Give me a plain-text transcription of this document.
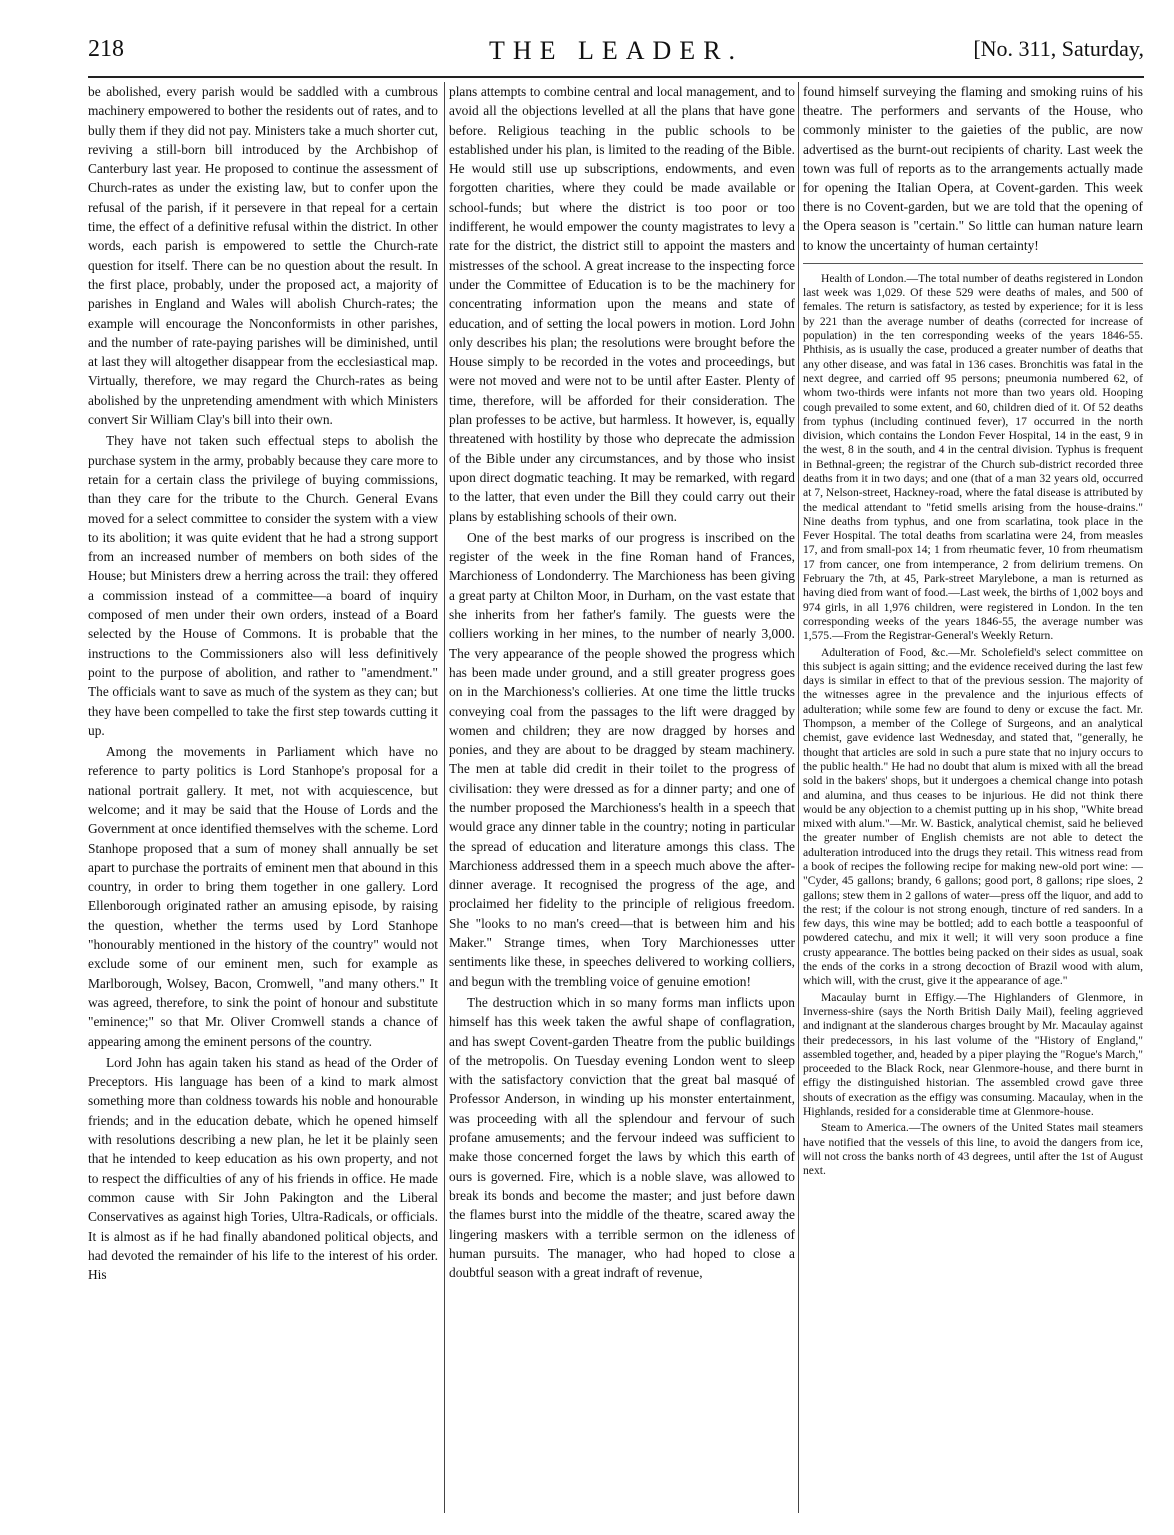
218	THE LEADER.	[No. 311, Saturday,

be abolished, every parish would be saddled with a cumbrous machinery empowered to bother the residents out of rates, and to bully them if they did not pay. Ministers take a much shorter cut, reviving a still-born bill introduced by the Archbishop of Canterbury last year. He proposed to continue the assessment of Church-rates as under the existing law, but to confer upon the refusal of the parish, if it persevere in that repeal for a certain time, the effect of a definitive refusal within the district. In other words, each parish is empowered to settle the Church-rate question for itself. There can be no question about the result. In the first place, probably, under the proposed act, a majority of parishes in England and Wales will abolish Church-rates; the example will encourage the Nonconformists in other parishes, and the number of rate-paying parishes will be diminished, until at last they will altogether disappear from the ecclesiastical map. Virtually, therefore, we may regard the Church-rates as being abolished by the unpretending amendment with which Ministers convert Sir William Clay's bill into their own.

They have not taken such effectual steps to abolish the purchase system in the army, probably because they care more to retain for a certain class the privilege of buying commissions, than they care for the tribute to the Church. General Evans moved for a select committee to consider the system with a view to its abolition; it was quite evident that he had a strong support from an increased number of members on both sides of the House; but Ministers drew a herring across the trail: they offered a commission instead of a committee—a board of inquiry composed of men under their own orders, instead of a Board selected by the House of Commons. It is probable that the instructions to the Commissioners also will less definitively point to the purpose of abolition, and rather to "amendment." The officials want to save as much of the system as they can; but they have been compelled to take the first step towards cutting it up.

Among the movements in Parliament which have no reference to party politics is Lord Stanhope's proposal for a national portrait gallery. It met, not with acquiescence, but welcome; and it may be said that the House of Lords and the Government at once identified themselves with the scheme. Lord Stanhope proposed that a sum of money shall annually be set apart to purchase the portraits of eminent men that abound in this country, in order to bring them together in one gallery. Lord Ellenborough originated rather an amusing episode, by raising the question, whether the terms used by Lord Stanhope "honourably mentioned in the history of the country" would not exclude some of our eminent men, such for example as Marlborough, Wolsey, Bacon, Cromwell, "and many others." It was agreed, therefore, to sink the point of honour and substitute "eminence;" so that Mr. Oliver Cromwell stands a chance of appearing among the eminent persons of the country.

Lord John has again taken his stand as head of the Order of Preceptors. His language has been of a kind to mark almost something more than coldness towards his noble and honourable friends; and in the education debate, which he opened himself with resolutions describing a new plan, he let it be plainly seen that he intended to keep education as his own property, and not to respect the difficulties of any of his friends in office. He made common cause with Sir John Pakington and the Liberal Conservatives as against high Tories, Ultra-Radicals, or officials. It is almost as if he had finally abandoned political objects, and had devoted the remainder of his life to the interest of his order. His

plans attempts to combine central and local management, and to avoid all the objections levelled at all the plans that have gone before. Religious teaching in the public schools to be established under his plan, is limited to the reading of the Bible. He would still use up subscriptions, endowments, and even forgotten charities, where they could be made available or school-funds; but where the district is too poor or too indifferent, he would empower the county magistrates to levy a rate for the district, the district still to appoint the masters and mistresses of the school. A great increase to the inspecting force under the Committee of Education is to be the machinery for concentrating information upon the means and state of education, and of setting the local powers in motion. Lord John only describes his plan; the resolutions were brought before the House simply to be recorded in the votes and proceedings, but were not moved and were not to be until after Easter. Plenty of time, therefore, will be afforded for their consideration. The plan professes to be active, but harmless. It however, is, equally threatened with hostility by those who deprecate the admission of the Bible under any circumstances, and by those who insist upon direct dogmatic teaching. It may be remarked, with regard to the latter, that even under the Bill they could carry out their plans by establishing schools of their own.

One of the best marks of our progress is inscribed on the register of the week in the fine Roman hand of Frances, Marchioness of Londonderry. The Marchioness has been giving a great party at Chilton Moor, in Durham, on the vast estate that she inherits from her father's family. The guests were the colliers working in her mines, to the number of nearly 3,000. The very appearance of the people showed the progress which has been made under ground, and a still greater progress goes on in the Marchioness's collieries. At one time the little trucks conveying coal from the passages to the lift were dragged by women and children; they are now dragged by horses and ponies, and they are about to be dragged by steam machinery. The men at table did credit in their toilet to the progress of civilisation: they were dressed as for a dinner party; and one of the number proposed the Marchioness's health in a speech that would grace any dinner table in the country; noting in particular the spread of education and literature amongs this class. The Marchioness addressed them in a speech much above the after-dinner average. It recognised the progress of the age, and proclaimed her fidelity to the principle of religious freedom. She "looks to no man's creed—that is between him and his Maker." Strange times, when Tory Marchionesses utter sentiments like these, in speeches delivered to working colliers, and begun with the trembling voice of genuine emotion!

The destruction which in so many forms man inflicts upon himself has this week taken the awful shape of conflagration, and has swept Covent-garden Theatre from the public buildings of the metropolis. On Tuesday evening London went to sleep with the satisfactory conviction that the great bal masqué of Professor Anderson, in winding up his monster entertainment, was proceeding with all the splendour and fervour of such profane amusements; and the fervour indeed was sufficient to make those concerned forget the laws by which this earth of ours is governed. Fire, which is a noble slave, was allowed to break its bonds and become the master; and just before dawn the flames burst into the middle of the theatre, scared away the lingering maskers with a terrible sermon on the idleness of human pursuits. The manager, who had hoped to close a doubtful season with a great indraft of revenue,

found himself surveying the flaming and smoking ruins of his theatre. The performers and servants of the House, who commonly minister to the gaieties of the public, are now advertised as the burnt-out recipients of charity. Last week the town was full of reports as to the arrangements actually made for opening the Italian Opera, at Covent-garden. This week there is no Covent-garden, but we are told that the opening of the Opera season is "certain." So little can human nature learn to know the uncertainty of human certainty!

Health of London.—The total number of deaths registered in London last week was 1,029. Of these 529 were deaths of males, and 500 of females. The return is satisfactory, as tested by experience; for it is less by 221 than the average number of deaths (corrected for increase of population) in the ten corresponding weeks of the years 1846-55. Phthisis, as is usually the case, produced a greater number of deaths that any other disease, and was fatal in 136 cases. Bronchitis was fatal in the next degree, and carried off 95 persons; pneumonia numbered 62, of whom two-thirds were infants not more than two years old. Hooping cough prevailed to some extent, and 60, children died of it. Of 52 deaths from typhus (including continued fever), 17 occurred in the north division, which contains the London Fever Hospital, 14 in the east, 9 in the west, 8 in the south, and 4 in the central division. Typhus is frequent in Bethnal-green; the registrar of the Church sub-district recorded three deaths from it in two days; and one (that of a man 32 years old, occurred at 7, Nelson-street, Hackney-road, where the fatal disease is attributed by the medical attendant to "fetid smells arising from the house-drains." Nine deaths from typhus, and one from scarlatina, took place in the Fever Hospital. The total deaths from scarlatina were 24, from measles 17, and from small-pox 14; 1 from rheumatic fever, 10 from rheumatism 17 from cancer, one from intemperance, 2 from delirium tremens. On February the 7th, at 45, Park-street Marylebone, a man is returned as having died from want of food.—Last week, the births of 1,002 boys and 974 girls, in all 1,976 children, were registered in London. In the ten corresponding weeks of the years 1846-55, the average number was 1,575.—From the Registrar-General's Weekly Return.

Adulteration of Food, &c.—Mr. Scholefield's select committee on this subject is again sitting; and the evidence received during the last few days is similar in effect to that of the previous session. The majority of the witnesses agree in the prevalence and the injurious effects of adulteration; while some few are found to deny or excuse the fact. Mr. Thompson, a member of the College of Surgeons, and an analytical chemist, gave evidence last Wednesday, and stated that, "generally, he thought that articles are sold in such a pure state that no injury occurs to the public health." He had no doubt that alum is mixed with all the bread sold in the bakers' shops, but it undergoes a chemical change into potash and alumina, and thus ceases to be injurious. He did not think there would be any objection to a chemist putting up in his shop, "White bread mixed with alum."—Mr. W. Bastick, analytical chemist, said he believed the greater number of English chemists are not able to detect the adulteration introduced into the drugs they retail. This witness read from a book of recipes the following recipe for making new-old port wine: — "Cyder, 45 gallons; brandy, 6 gallons; good port, 8 gallons; ripe sloes, 2 gallons; stew them in 2 gallons of water—press off the liquor, and add to the rest; if the colour is not strong enough, tincture of red sanders. In a few days, this wine may be bottled; add to each bottle a teaspoonful of powdered catechu, and mix it well; it will very soon produce a fine crusty appearance. The bottles being packed on their sides as usual, soak the ends of the corks in a strong decoction of Brazil wood with alum, which will, with the crust, give it the appearance of age."

Macaulay burnt in Effigy.—The Highlanders of Glenmore, in Inverness-shire (says the North British Daily Mail), feeling aggrieved and indignant at the slanderous charges brought by Mr. Macaulay against their predecessors, in his last volume of the "History of England," assembled together, and, headed by a piper playing the "Rogue's March," proceeded to the Black Rock, near Glenmore-house, and there burnt in effigy the distinguished historian. The assembled crowd gave three shouts of execration as the effigy was consuming. Macaulay, when in the Highlands, resided for a considerable time at Glenmore-house.

Steam to America.—The owners of the United States mail steamers have notified that the vessels of this line, to avoid the dangers from ice, will not cross the banks north of 43 degrees, until after the 1st of August next.
